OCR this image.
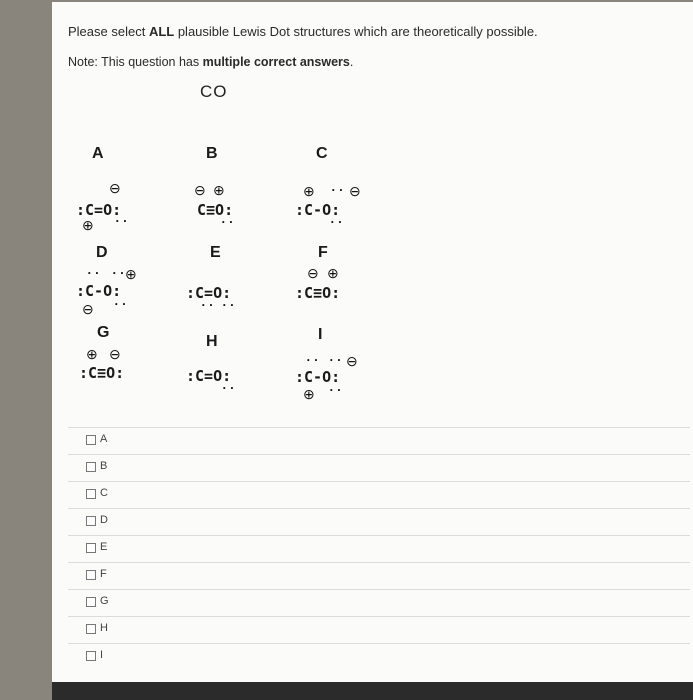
Please select ALL plausible Lewis Dot structures which are theoretically possible.
Note: This question has multiple correct answers.
CO
A
⊖
:C=O:
⊕ ··
B
⊖ ⊕
C≡O:
··
C
⊕ ·· ⊖
:C-O:
··
D
·· ··
⊕
:C-O:
⊖ ··
E
:C=O:
·· ··
F
⊖ ⊕
:C≡O:
G
⊕ ⊖
:C≡O:
H
:C=O:
··
I
·· ·· ⊖
:C-O:
⊕ ··
A
B
C
D
E
F
G
H
I
